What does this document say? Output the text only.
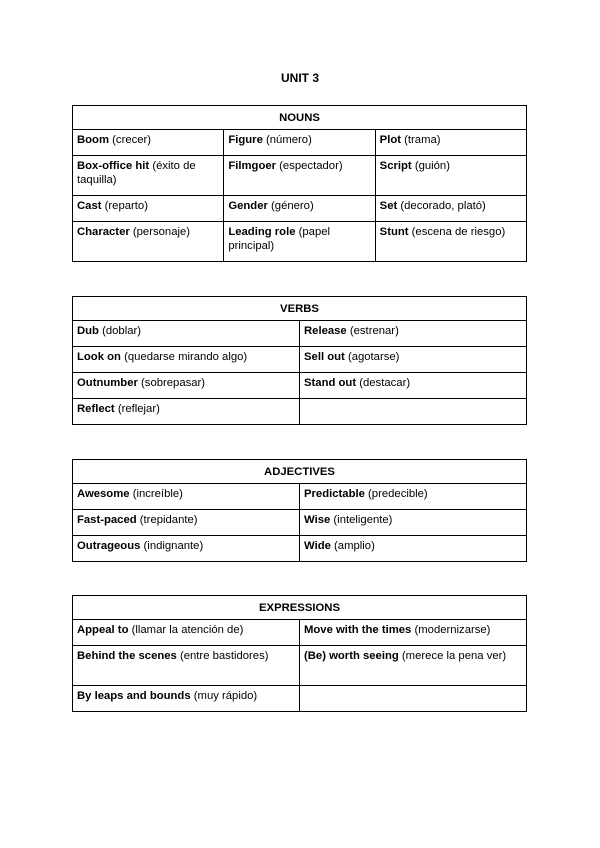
UNIT 3
NOUNS		
Boom (crecer)	Figure (número)	Plot (trama)
Box-office hit (éxito de taquilla)	Filmgoer (espectador)	Script (guión)
Cast (reparto)	Gender (género)	Set (decorado, plató)
Character (personaje)	Leading role (papel principal)	Stunt (escena de riesgo)
VERBS	
Dub (doblar)	Release (estrenar)
Look on (quedarse mirando algo)	Sell out (agotarse)
Outnumber (sobrepasar)	Stand out (destacar)
Reflect (reflejar)	
ADJECTIVES	
Awesome (increíble)	Predictable (predecible)
Fast-paced (trepidante)	Wise (inteligente)
Outrageous (indignante)	Wide (amplio)
EXPRESSIONS	
Appeal to (llamar la atención de)	Move with the times (modernizarse)
Behind the scenes (entre bastidores)	(Be) worth seeing (merece la pena ver)
By leaps and bounds (muy rápido)	
